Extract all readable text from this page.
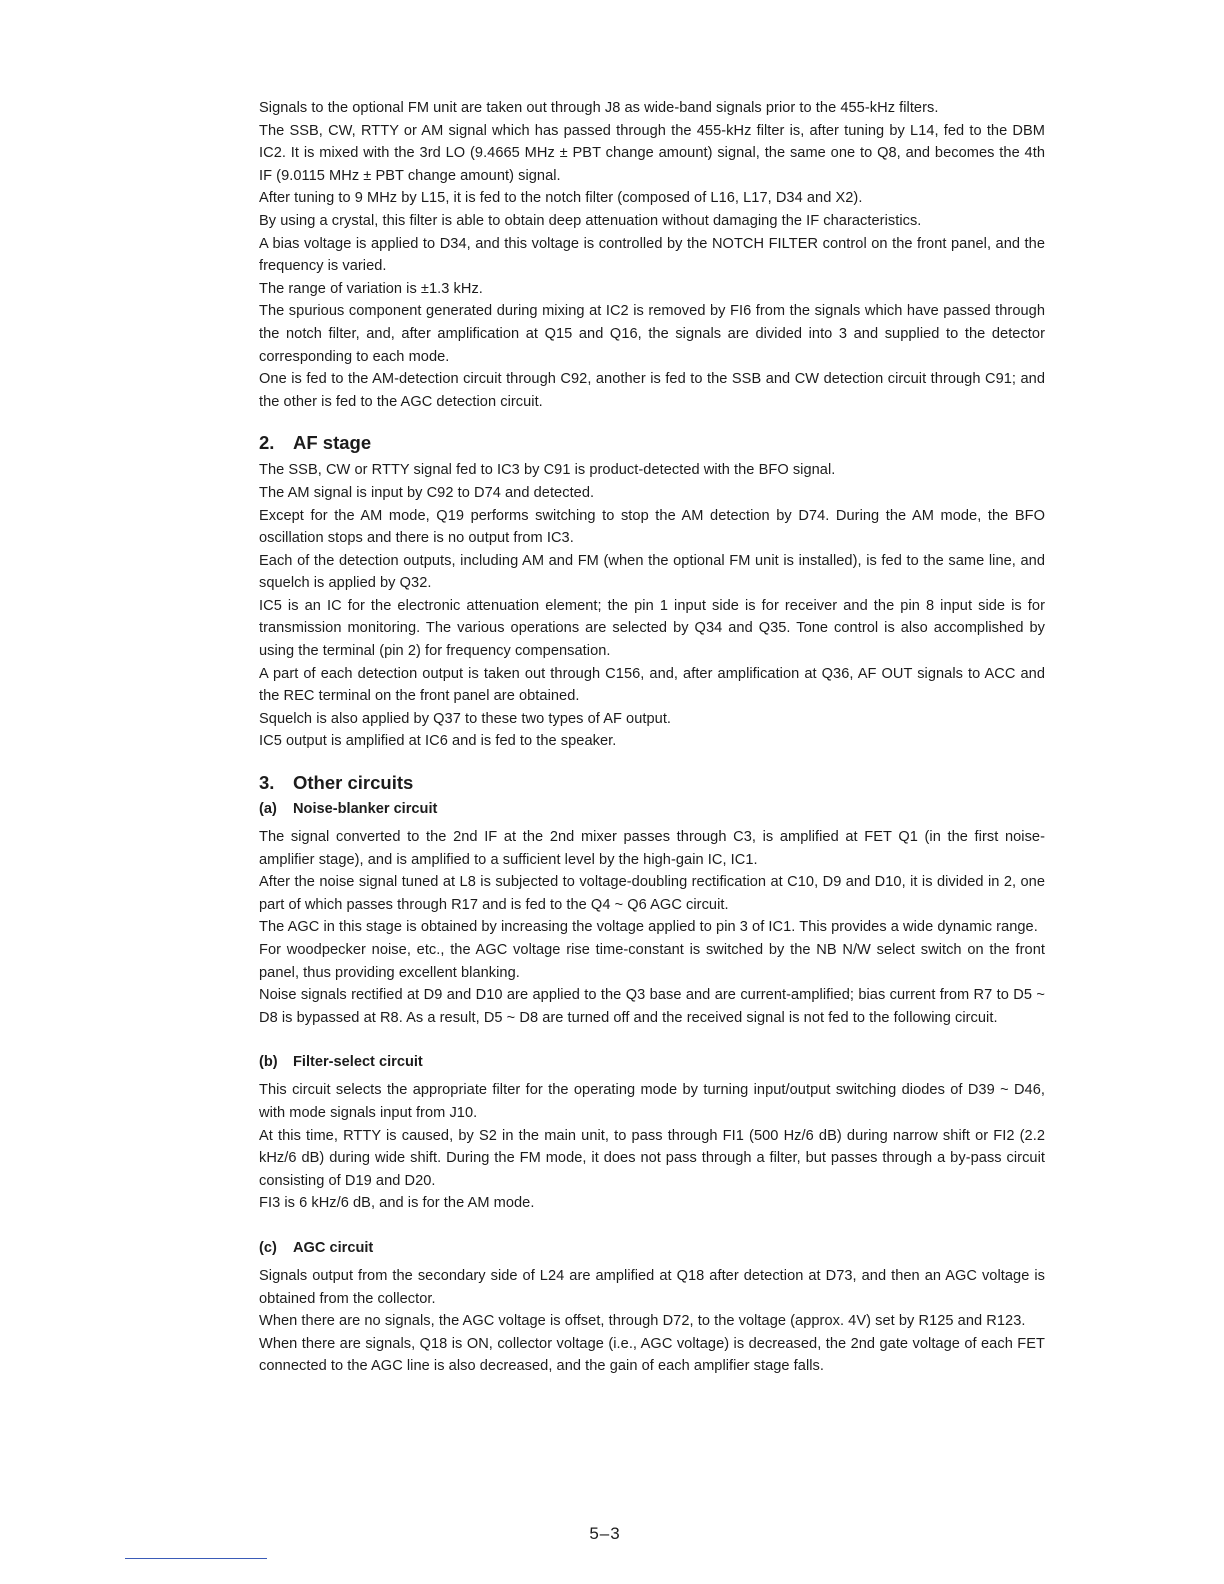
Signals to the optional FM unit are taken out through J8 as wide-band signals prior to the 455-kHz filters.

The SSB, CW, RTTY or AM signal which has passed through the 455-kHz filter is, after tuning by L14, fed to the DBM IC2. It is mixed with the 3rd LO (9.4665 MHz ± PBT change amount) signal, the same one to Q8, and becomes the 4th IF (9.0115 MHz ± PBT change amount) signal.

After tuning to 9 MHz by L15, it is fed to the notch filter (composed of L16, L17, D34 and X2).

By using a crystal, this filter is able to obtain deep attenuation without damaging the IF characteristics.

A bias voltage is applied to D34, and this voltage is controlled by the NOTCH FILTER control on the front panel, and the frequency is varied.

The range of variation is ±1.3 kHz.

The spurious component generated during mixing at IC2 is removed by FI6 from the signals which have passed through the notch filter, and, after amplification at Q15 and Q16, the signals are divided into 3 and supplied to the detector corresponding to each mode.

One is fed to the AM-detection circuit through C92, another is fed to the SSB and CW detection circuit through C91; and the other is fed to the AGC detection circuit.

2. AF stage

The SSB, CW or RTTY signal fed to IC3 by C91 is product-detected with the BFO signal.

The AM signal is input by C92 to D74 and detected.

Except for the AM mode, Q19 performs switching to stop the AM detection by D74. During the AM mode, the BFO oscillation stops and there is no output from IC3.

Each of the detection outputs, including AM and FM (when the optional FM unit is installed), is fed to the same line, and squelch is applied by Q32.

IC5 is an IC for the electronic attenuation element; the pin 1 input side is for receiver and the pin 8 input side is for transmission monitoring. The various operations are selected by Q34 and Q35. Tone control is also accomplished by using the terminal (pin 2) for frequency compensation.

A part of each detection output is taken out through C156, and, after amplification at Q36, AF OUT signals to ACC and the REC terminal on the front panel are obtained.

Squelch is also applied by Q37 to these two types of AF output.

IC5 output is amplified at IC6 and is fed to the speaker.

3. Other circuits
(a) Noise-blanker circuit

The signal converted to the 2nd IF at the 2nd mixer passes through C3, is amplified at FET Q1 (in the first noise-amplifier stage), and is amplified to a sufficient level by the high-gain IC, IC1.

After the noise signal tuned at L8 is subjected to voltage-doubling rectification at C10, D9 and D10, it is divided in 2, one part of which passes through R17 and is fed to the Q4 ~ Q6 AGC circuit.

The AGC in this stage is obtained by increasing the voltage applied to pin 3 of IC1. This provides a wide dynamic range.

For woodpecker noise, etc., the AGC voltage rise time-constant is switched by the NB N/W select switch on the front panel, thus providing excellent blanking.

Noise signals rectified at D9 and D10 are applied to the Q3 base and are current-amplified; bias current from R7 to D5 ~ D8 is bypassed at R8. As a result, D5 ~ D8 are turned off and the received signal is not fed to the following circuit.

(b) Filter-select circuit

This circuit selects the appropriate filter for the operating mode by turning input/output switching diodes of D39 ~ D46, with mode signals input from J10.

At this time, RTTY is caused, by S2 in the main unit, to pass through FI1 (500 Hz/6 dB) during narrow shift or FI2 (2.2 kHz/6 dB) during wide shift. During the FM mode, it does not pass through a filter, but passes through a by-pass circuit consisting of D19 and D20.

FI3 is 6 kHz/6 dB, and is for the AM mode.

(c) AGC circuit

Signals output from the secondary side of L24 are amplified at Q18 after detection at D73, and then an AGC voltage is obtained from the collector.

When there are no signals, the AGC voltage is offset, through D72, to the voltage (approx. 4V) set by R125 and R123.

When there are signals, Q18 is ON, collector voltage (i.e., AGC voltage) is decreased, the 2nd gate voltage of each FET connected to the AGC line is also decreased, and the gain of each amplifier stage falls.

5–3
